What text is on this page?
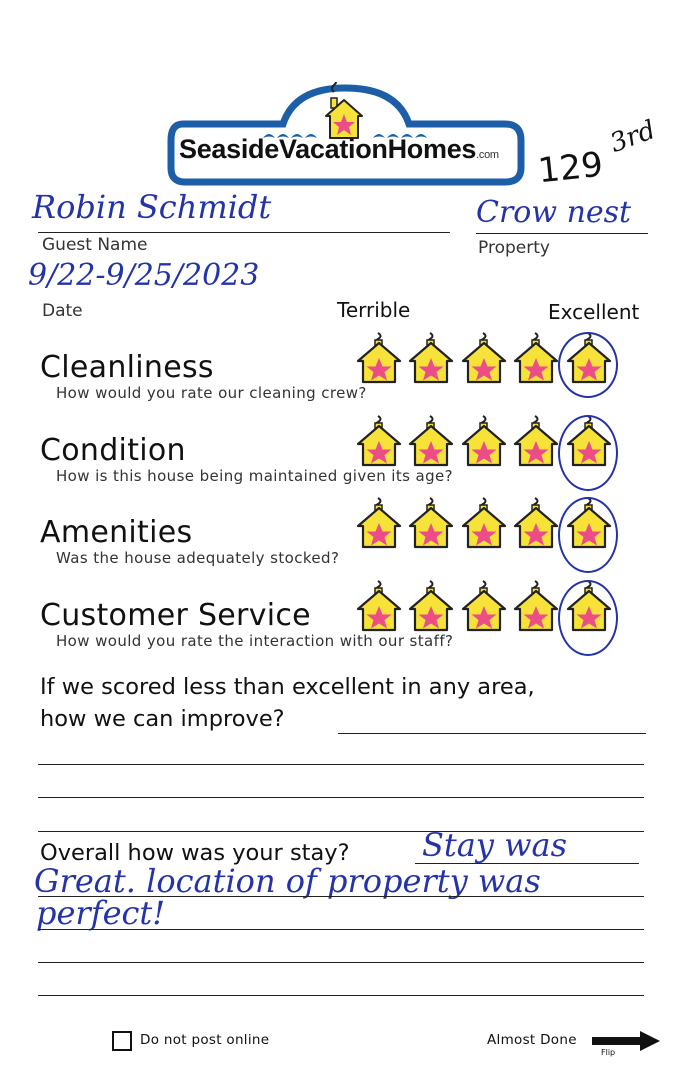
SeasideVacationHomes.com 129
3rd
Robin Schmidt
Guest Name
Crow nest
Property
9/22-9/25/2023
Date	Terrible	Excellent
Cleanliness
How would you rate our cleaning crew?
Condition
How is this house being maintained given its age?
Amenities
Was the house adequately stocked?
Customer Service
How would you rate the interaction with our staff?
If we scored less than excellent in any area,
how we can improve?
Overall how was your stay? Stay was
Great. location of property was
perfect!
Do not post online	Almost Done
Flip
